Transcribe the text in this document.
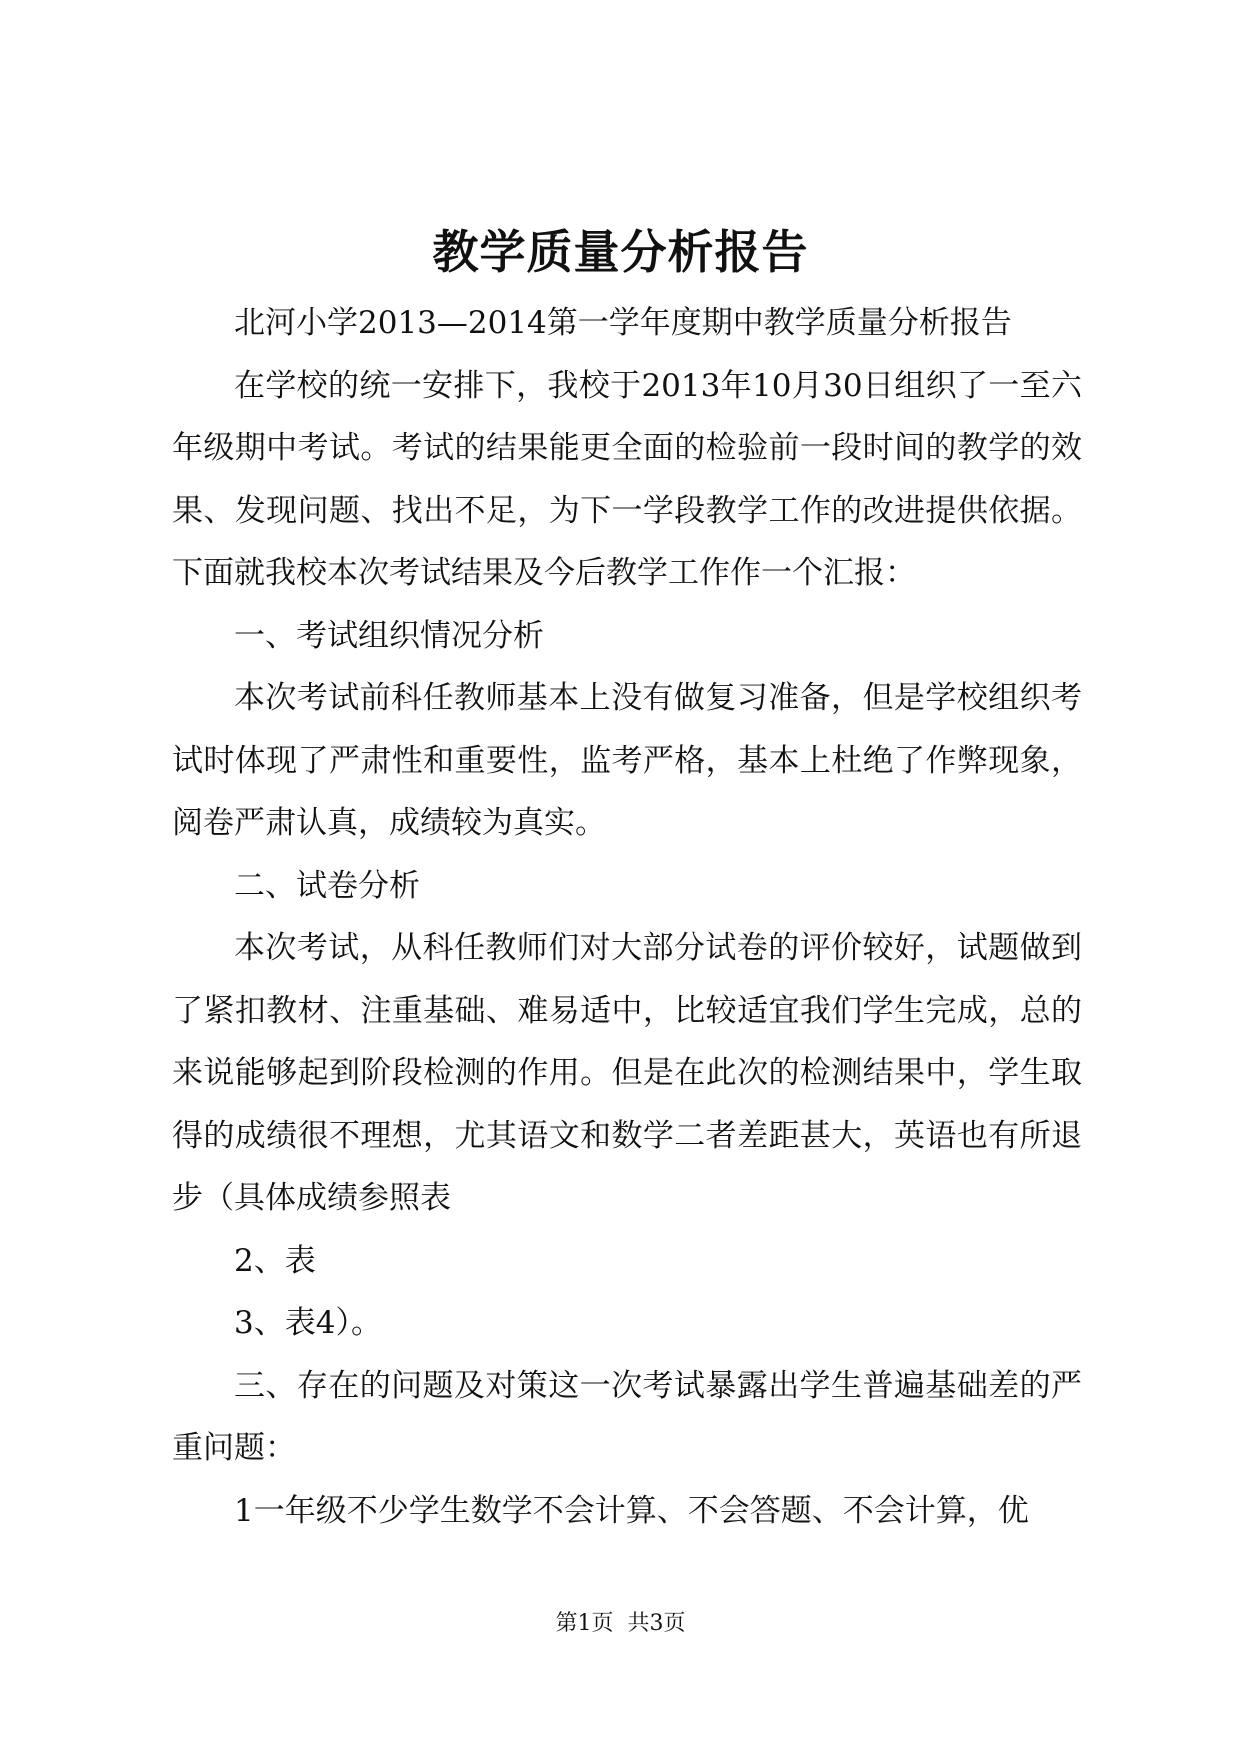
教学质量分析报告

北河小学2013—2014第一学年度期中教学质量分析报告

在学校的统一安排下，我校于2013年10月30日组织了一至六年级期中考试。考试的结果能更全面的检验前一段时间的教学的效果、发现问题、找出不足，为下一学段教学工作的改进提供依据。下面就我校本次考试结果及今后教学工作作一个汇报：

一、考试组织情况分析

本次考试前科任教师基本上没有做复习准备，但是学校组织考试时体现了严肃性和重要性，监考严格，基本上杜绝了作弊现象，阅卷严肃认真，成绩较为真实。

二、试卷分析

本次考试，从科任教师们对大部分试卷的评价较好，试题做到了紧扣教材、注重基础、难易适中，比较适宜我们学生完成，总的来说能够起到阶段检测的作用。但是在此次的检测结果中，学生取得的成绩很不理想，尤其语文和数学二者差距甚大，英语也有所退步（具体成绩参照表

2、表

3、表4）。

三、存在的问题及对策这一次考试暴露出学生普遍基础差的严重问题：

1一年级不少学生数学不会计算、不会答题、不会计算，优

第1页 共3页
